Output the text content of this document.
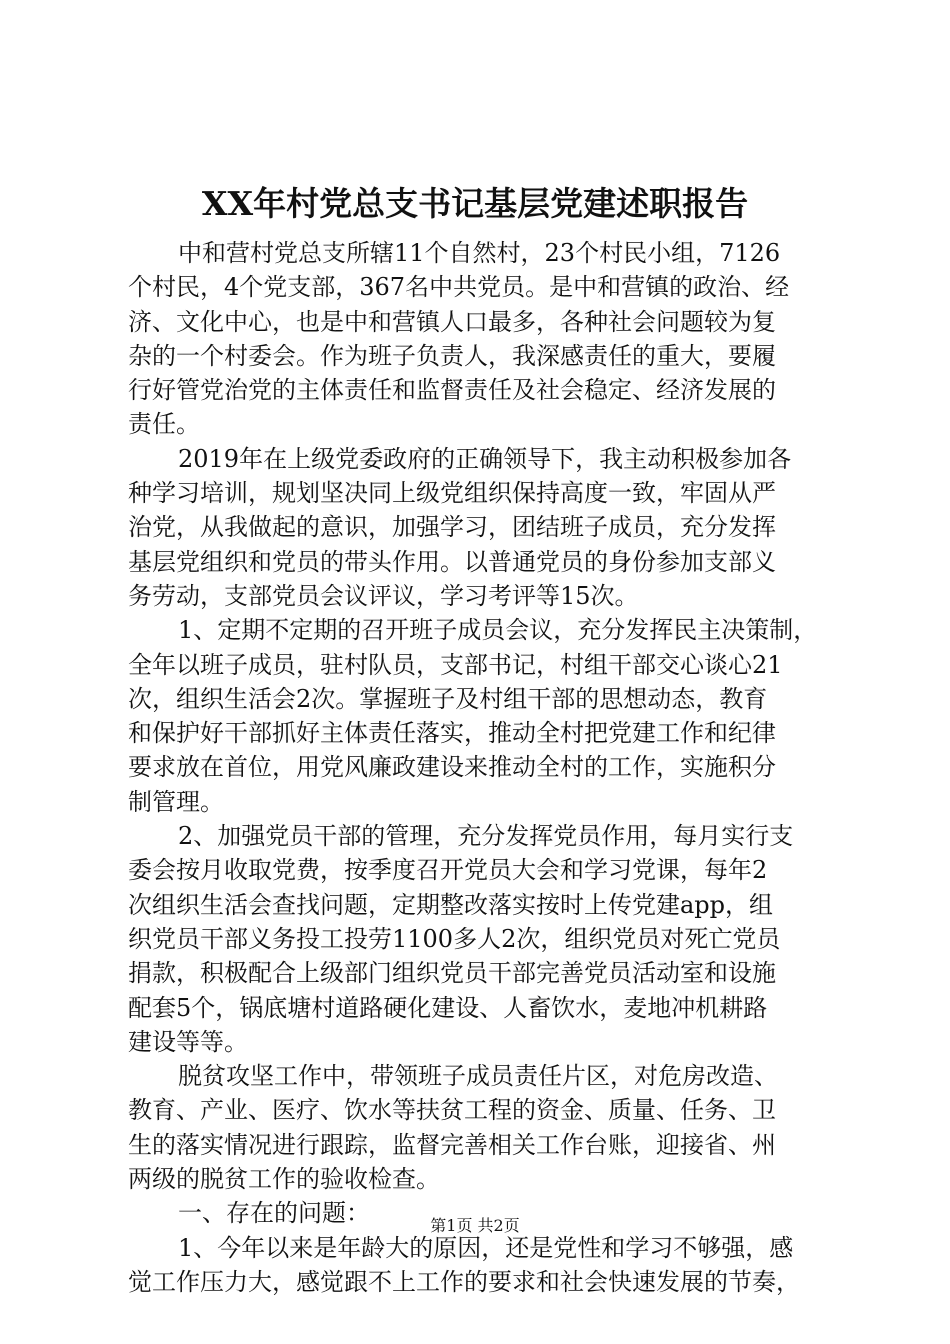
XX年村党总支书记基层党建述职报告
中和营村党总支所辖11个自然村，23个村民小组，7126
个村民，4个党支部，367名中共党员。是中和营镇的政治、经
济、文化中心，也是中和营镇人口最多，各种社会问题较为复
杂的一个村委会。作为班子负责人，我深感责任的重大，要履
行好管党治党的主体责任和监督责任及社会稳定、经济发展的
责任。
2019年在上级党委政府的正确领导下，我主动积极参加各
种学习培训，规划坚决同上级党组织保持高度一致，牢固从严
治党，从我做起的意识，加强学习，团结班子成员，充分发挥
基层党组织和党员的带头作用。以普通党员的身份参加支部义
务劳动，支部党员会议评议，学习考评等15次。
1、定期不定期的召开班子成员会议，充分发挥民主决策制，
全年以班子成员，驻村队员，支部书记，村组干部交心谈心21
次，组织生活会2次。掌握班子及村组干部的思想动态，教育
和保护好干部抓好主体责任落实，推动全村把党建工作和纪律
要求放在首位，用党风廉政建设来推动全村的工作，实施积分
制管理。
2、加强党员干部的管理，充分发挥党员作用，每月实行支
委会按月收取党费，按季度召开党员大会和学习党课，每年2
次组织生活会查找问题，定期整改落实按时上传党建app，组
织党员干部义务投工投劳1100多人2次，组织党员对死亡党员
捐款，积极配合上级部门组织党员干部完善党员活动室和设施
配套5个，锅底塘村道路硬化建设、人畜饮水，麦地冲机耕路
建设等等。
脱贫攻坚工作中，带领班子成员责任片区，对危房改造、
教育、产业、医疗、饮水等扶贫工程的资金、质量、任务、卫
生的落实情况进行跟踪，监督完善相关工作台账，迎接省、州
两级的脱贫工作的验收检查。
一、存在的问题：
1、今年以来是年龄大的原因，还是党性和学习不够强，感
觉工作压力大，感觉跟不上工作的要求和社会快速发展的节奏，
第1页 共2页
